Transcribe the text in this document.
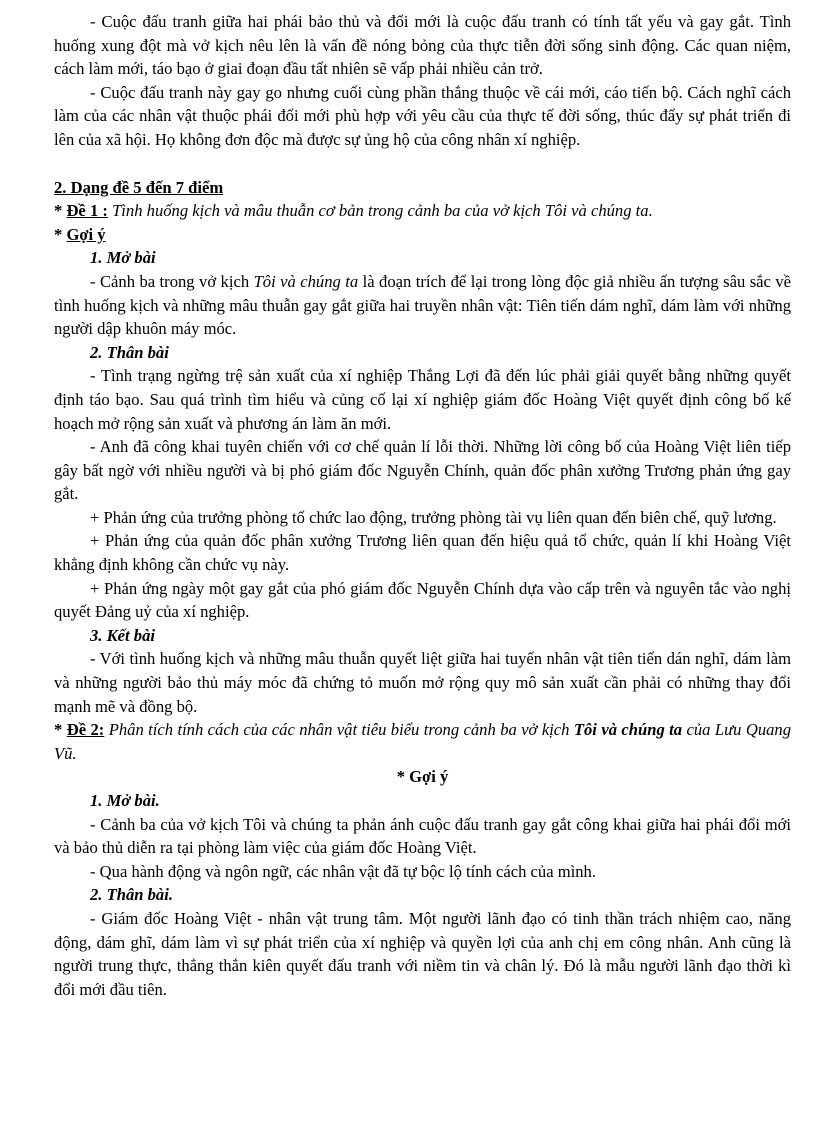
- Cuộc đấu tranh giữa hai phái bảo thủ và đổi mới là cuộc đấu tranh có tính tất yếu và gay gắt. Tình huống xung đột mà vở kịch nêu lên là vấn đề nóng bỏng của thực tiễn đời sống sinh động. Các quan niệm, cách làm mới, táo bạo ở giai đoạn đầu tất nhiên sẽ vấp phải nhiều cản trở.

- Cuộc đấu tranh này gay go nhưng cuối cùng phần thắng thuộc về cái mới, cáo tiến bộ. Cách nghĩ cách làm của các nhân vật thuộc phái đổi mới phù hợp với yêu cầu của thực tế đời sống, thúc đẩy sự phát triển đi lên của xã hội. Họ không đơn độc mà được sự ủng hộ của công nhân xí nghiệp.

2. Dạng đề 5 đến 7 điểm

* Đề 1 : Tình huống kịch và mâu thuẫn cơ bản trong cảnh ba của vở kịch Tôi và chúng ta.

* Gợi ý

1. Mở bài

- Cảnh ba trong vở kịch Tôi và chúng ta là đoạn trích để lại trong lòng độc giả nhiều ấn tượng sâu sắc về tình huống kịch và những mâu thuẫn gay gắt giữa hai truyền nhân vật: Tiên tiến dám nghĩ, dám làm với những người dập khuôn máy móc.

2. Thân bài

- Tình trạng ngừng trệ sản xuất của xí nghiệp Thắng Lợi đã đến lúc phải giải quyết bằng những quyết định táo bạo. Sau quá trình tìm hiểu và củng cố lại xí nghiệp giám đốc Hoàng Việt quyết định công bố kế hoạch mở rộng sản xuất và phương án làm ăn mới.

- Anh đã công khai tuyên chiến với cơ chế quản lí lỗi thời. Những lời công bố của Hoàng Việt liên tiếp gây bất ngờ với nhiều người và bị phó giám đốc Nguyễn Chính, quản đốc phân xưởng Trương phản ứng gay gắt.

+ Phản ứng của trưởng phòng tổ chức lao động, trưởng phòng tài vụ liên quan đến biên chế, quỹ lương.

+ Phản ứng của quản đốc phân xưởng Trương liên quan đến hiệu quả tổ chức, quản lí khi Hoàng Việt khẳng định không cần chức vụ này.

+ Phản ứng ngày một gay gắt của phó giám đốc Nguyễn Chính dựa vào cấp trên và nguyên tắc vào nghị quyết Đảng uỷ của xí nghiệp.

3. Kết bài

- Với tình huống kịch và những mâu thuẫn quyết liệt giữa hai tuyến nhân vật tiên tiến dán nghĩ, dám làm và những người bảo thủ máy móc đã chứng tỏ muốn mở rộng quy mô sản xuất cần phải có những thay đổi mạnh mẽ và đồng bộ.

* Đề 2: Phân tích tính cách của các nhân vật tiêu biểu trong cảnh ba vở kịch Tôi và chúng ta của Lưu Quang Vũ.

* Gợi ý

1. Mở bài.

- Cảnh ba của vở kịch Tôi và chúng ta phản ánh cuộc đấu tranh gay gắt công khai giữa hai phái đổi mới và bảo thủ diễn ra tại phòng làm việc của giám đốc Hoàng Việt.

- Qua hành động và ngôn ngữ, các nhân vật đã tự bộc lộ tính cách của mình.

2. Thân bài.

- Giám đốc Hoàng Việt - nhân vật trung tâm. Một người lãnh đạo có tinh thần trách nhiệm cao, năng động, dám ghĩ, dám làm vì sự phát triển của xí nghiệp và quyền lợi của anh chị em công nhân. Anh cũng là người trung thực, thẳng thắn kiên quyết đấu tranh với niềm tin và chân lý. Đó là mẫu người lãnh đạo thời kì đổi mới đầu tiên.
